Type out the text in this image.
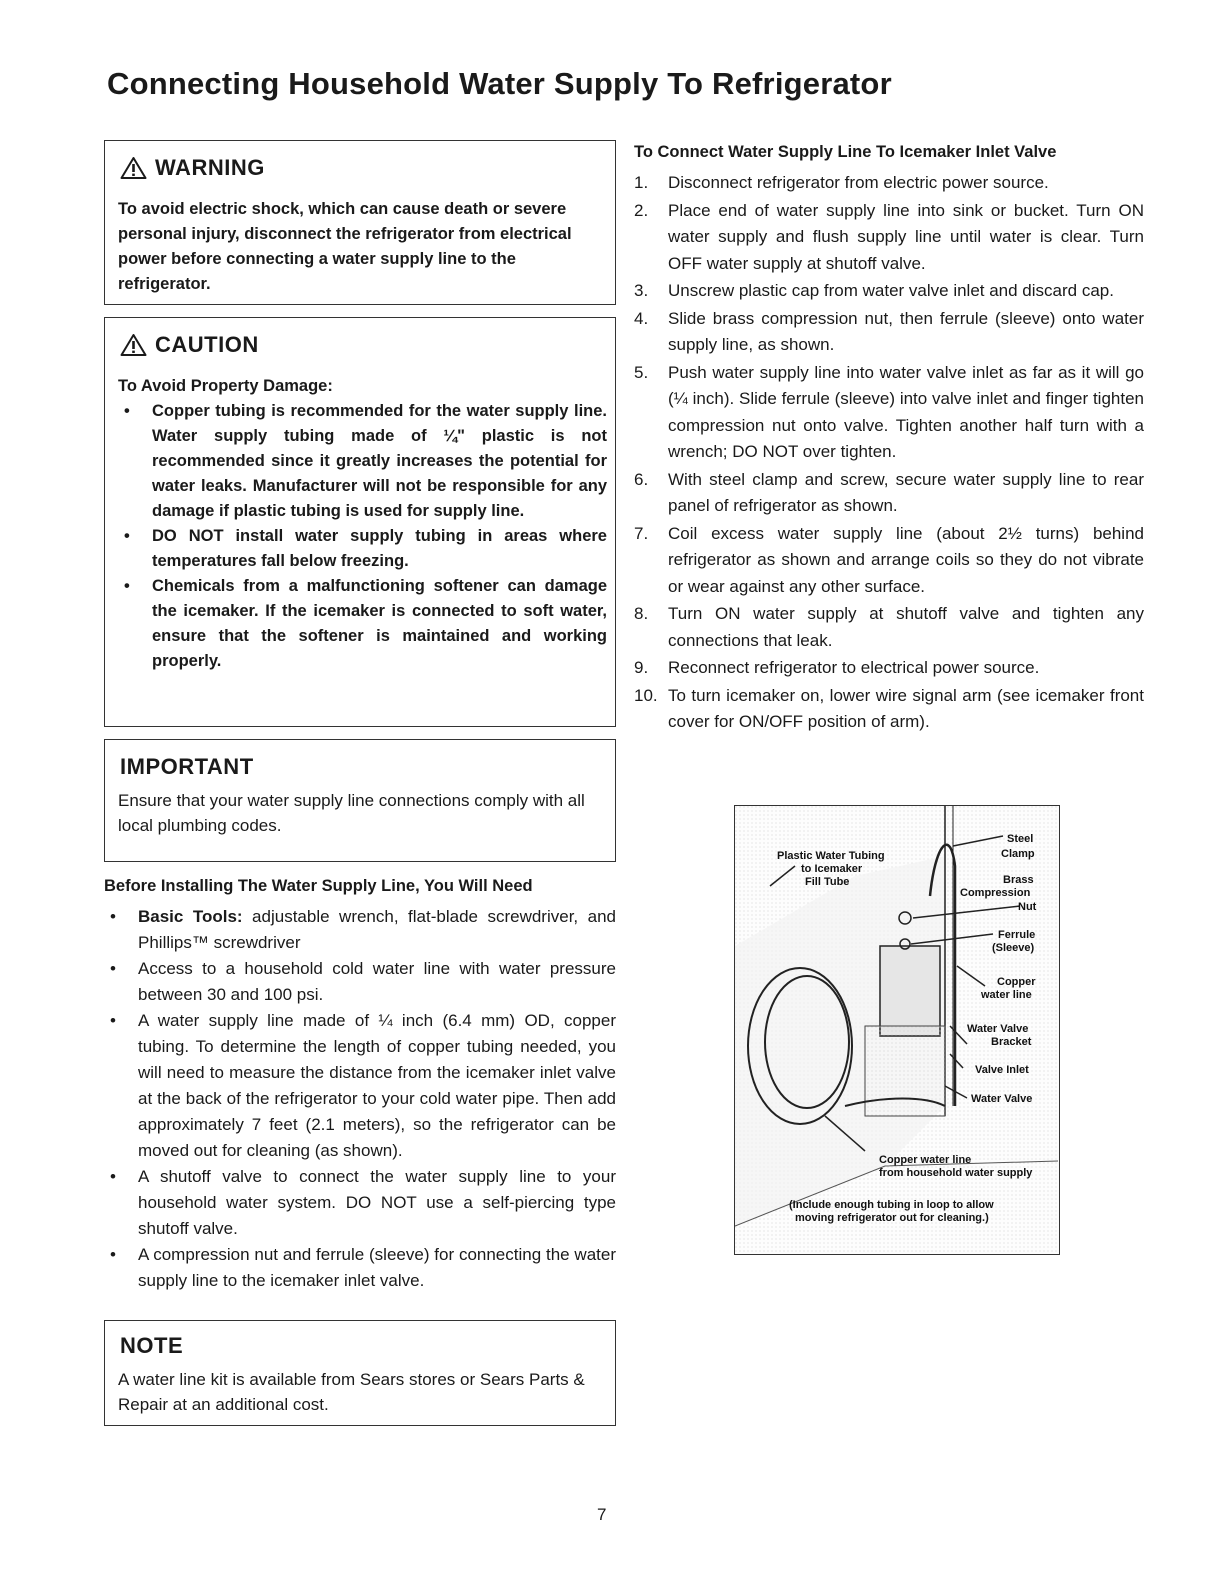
Connecting Household Water Supply To Refrigerator
WARNING

To avoid electric shock, which can cause death or severe personal injury, disconnect the refrigerator from electrical power before connecting a water supply line to the refrigerator.

CAUTION

To Avoid Property Damage:

• Copper tubing is recommended for the water supply line. Water supply tubing made of ¼" plastic is not recommended since it greatly increases the potential for water leaks. Manufacturer will not be responsible for any damage if plastic tubing is used for supply line.
• DO NOT install water supply tubing in areas where temperatures fall below freezing.
• Chemicals from a malfunctioning softener can damage the icemaker. If the icemaker is connected to soft water, ensure that the softener is maintained and working properly.
IMPORTANT

Ensure that your water supply line connections comply with all local plumbing codes.

Before Installing The Water Supply Line, You Will Need
• Basic Tools: adjustable wrench, flat-blade screwdriver, and Phillips™ screwdriver
• Access to a household cold water line with water pressure between 30 and 100 psi.
• A water supply line made of ¼ inch (6.4 mm) OD, copper tubing. To determine the length of copper tubing needed, you will need to measure the distance from the icemaker inlet valve at the back of the refrigerator to your cold water pipe. Then add approximately 7 feet (2.1 meters), so the refrigerator can be moved out for cleaning (as shown).
• A shutoff valve to connect the water supply line to your household water system. DO NOT use a self-piercing type shutoff valve.
• A compression nut and ferrule (sleeve) for connecting the water supply line to the icemaker inlet valve.
NOTE

A water line kit is available from Sears stores or Sears Parts & Repair at an additional cost.

To Connect Water Supply Line To Icemaker Inlet Valve
1.	Disconnect refrigerator from electric power source.
2.	Place end of water supply line into sink or bucket. Turn ON water supply and flush supply line until water is clear. Turn OFF water supply at shutoff valve.
3.	Unscrew plastic cap from water valve inlet and discard cap.
4.	Slide brass compression nut, then ferrule (sleeve) onto water supply line, as shown.
5.	Push water supply line into water valve inlet as far as it will go (¼ inch). Slide ferrule (sleeve) into valve inlet and finger tighten compression nut onto valve. Tighten another half turn with a wrench; DO NOT over tighten.
6.	With steel clamp and screw, secure water supply line to rear panel of refrigerator as shown.
7.	Coil excess water supply line (about 2½ turns) behind refrigerator as shown and arrange coils so they do not vibrate or wear against any other surface.
8.	Turn ON water supply at shutoff valve and tighten any connections that leak.
9.	Reconnect refrigerator to electrical power source.
10. To turn icemaker on, lower wire signal arm (see icemaker front cover for ON/OFF position of arm).
Plastic Water Tubing
to Icemaker
Fill Tube
Steel
Clamp
Brass
Compression
Nut
Ferrule
(Sleeve)
Copper
water line
Water Valve
Bracket
Valve Inlet
Water Valve
Copper water line
from household water supply
(Include enough tubing in loop to allow
moving refrigerator out for cleaning.)
7
